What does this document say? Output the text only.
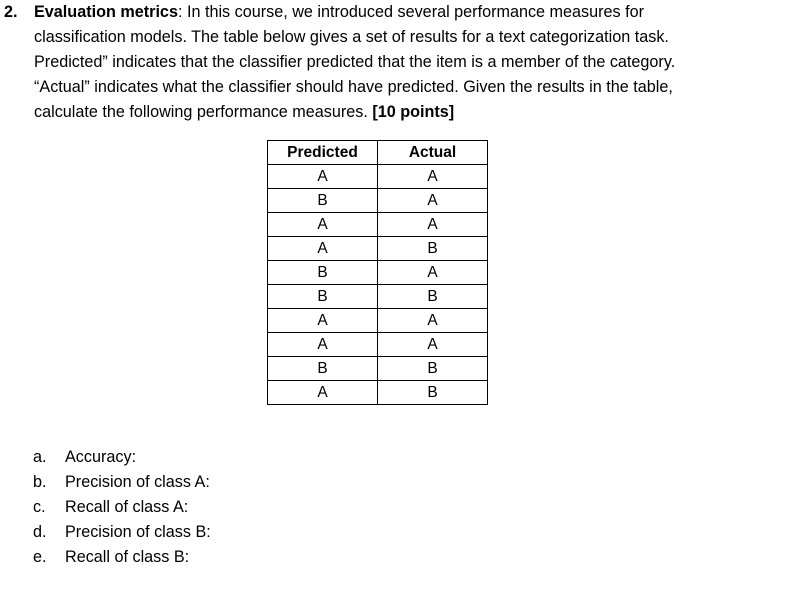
2. Evaluation metrics: In this course, we introduced several performance measures for
classification models. The table below gives a set of results for a text categorization task.
Predicted” indicates that the classifier predicted that the item is a member of the category.
“Actual” indicates what the classifier should have predicted. Given the results in the table,
calculate the following performance measures. [10 points]
Predicted	Actual
A	A
B	A
A	A
A	B
B	A
B	B
A	A
A	A
B	B
A	B
a. Accuracy:
b. Precision of class A:
c. Recall of class A:
d. Precision of class B:
e. Recall of class B:
